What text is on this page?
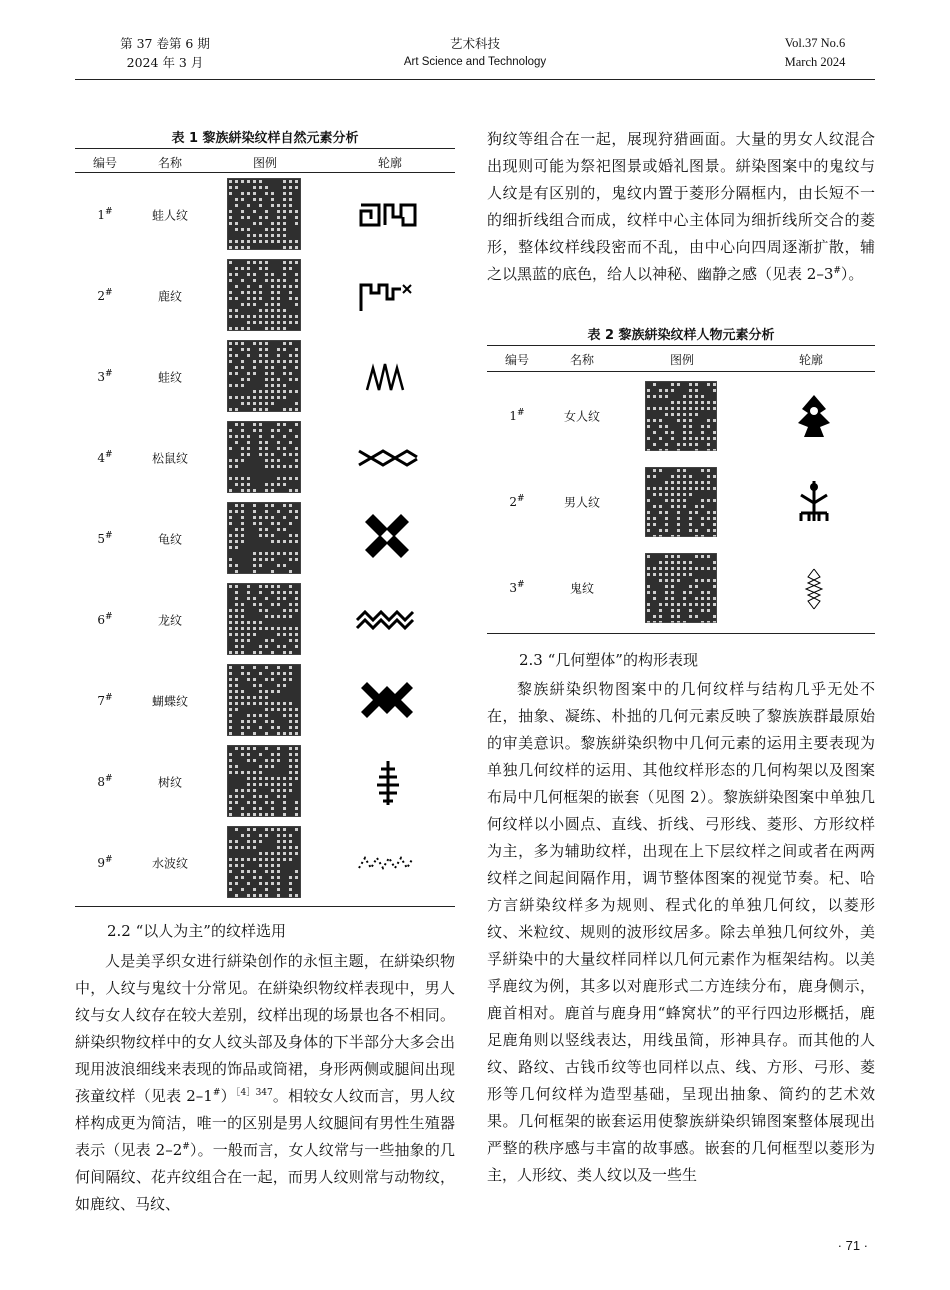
第 37 卷第 6 期
2024 年 3 月
艺术科技
Art Science and Technology
Vol.37 No.6
March 2024
表 1 黎族絣染纹样自然元素分析
编号	名称	图例	轮廓
1#	蛙人纹
2#	鹿纹
3#	蛙纹
4#	松鼠纹
5#	龟纹
6#	龙纹
7#	蝴蝶纹
8#	树纹
9#	水波纹
表 2 黎族絣染纹样人物元素分析
编号	名称	图例	轮廓
1#	女人纹
2#	男人纹
3#	鬼纹
2.2 “以人为主”的纹样选用

人是美孚织女进行絣染创作的永恒主题，在絣染织物中，人纹与鬼纹十分常见。在絣染织物纹样表现中，男人纹与女人纹存在较大差别，纹样出现的场景也各不相同。絣染织物纹样中的女人纹头部及身体的下半部分大多会出现用波浪细线来表现的饰品或筒裙，身形两侧或腿间出现孩童纹样（见表 2–1#）$^{[4]347}$。相较女人纹而言，男人纹样构成更为简洁，唯一的区别是男人纹腿间有男性生殖器表示（见表 2–2#）。一般而言，女人纹常与一些抽象的几何间隔纹、花卉纹组合在一起，而男人纹则常与动物纹，如鹿纹、马纹、

狗纹等组合在一起，展现狩猎画面。大量的男女人纹混合出现则可能为祭祀图景或婚礼图景。絣染图案中的鬼纹与人纹是有区别的，鬼纹内置于菱形分隔框内，由长短不一的细折线组合而成，纹样中心主体同为细折线所交合的菱形，整体纹样线段密而不乱，由中心向四周逐渐扩散，辅之以黑蓝的底色，给人以神秘、幽静之感（见表 2–3#）。

2.3 “几何塑体”的构形表现

黎族絣染织物图案中的几何纹样与结构几乎无处不在，抽象、凝练、朴拙的几何元素反映了黎族族群最原始的审美意识。黎族絣染织物中几何元素的运用主要表现为单独几何纹样的运用、其他纹样形态的几何构架以及图案布局中几何框架的嵌套（见图 2）。黎族絣染图案中单独几何纹样以小圆点、直线、折线、弓形线、菱形、方形纹样为主，多为辅助纹样，出现在上下层纹样之间或者在两两纹样之间起间隔作用，调节整体图案的视觉节奏。杞、哈方言絣染纹样多为规则、程式化的单独几何纹，以菱形纹、米粒纹、规则的波形纹居多。除去单独几何纹外，美孚絣染中的大量纹样同样以几何元素作为框架结构。以美孚鹿纹为例，其多以对鹿形式二方连续分布，鹿身侧示，鹿首相对。鹿首与鹿身用“蜂窝状”的平行四边形概括，鹿足鹿角则以竖线表达，用线虽简，形神具存。而其他的人纹、路纹、古钱币纹等也同样以点、线、方形、弓形、菱形等几何纹样为造型基础，呈现出抽象、简约的艺术效果。几何框架的嵌套运用使黎族絣染织锦图案整体展现出严整的秩序感与丰富的故事感。嵌套的几何框型以菱形为主，人形纹、类人纹以及一些生

· 71 ·
